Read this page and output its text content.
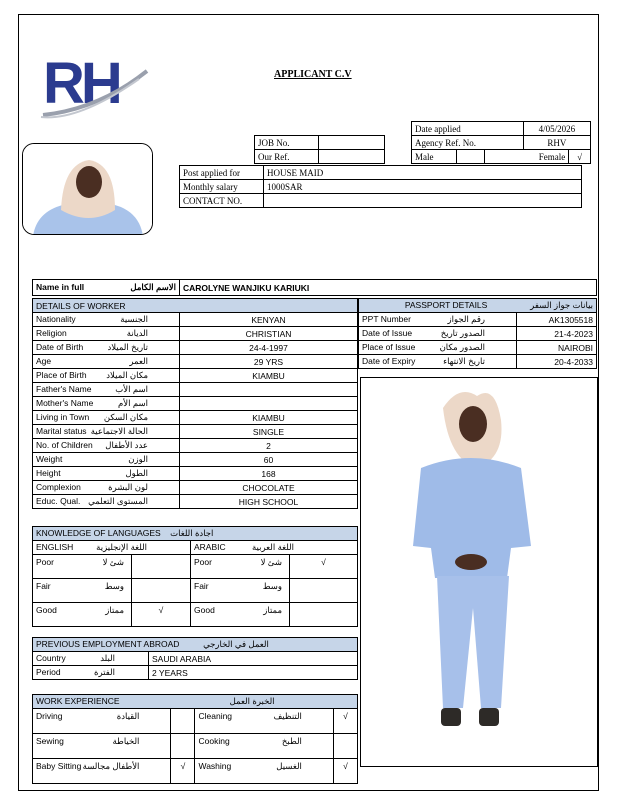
RH	APPLICANT C.V
Date applied			4/05/2026	
Agency Ref. No.			RHV	
Male		Female		√
JOB No.	
Our Ref.	
Post applied for	HOUSE MAID
Monthly salary	1000SAR
CONTACT NO.	
Name in full	الاسم الكامل	CAROLYNE WANJIKU KARIUKI
DETAILS OF WORKER	
Nationality الجنسية	KENYAN
Religion الديانة	CHRISTIAN
Date of Birth تاريخ الميلاد	24-4-1997
Age العمر	29 YRS
Place of Birth مكان الميلاد	KIAMBU
Father's Name اسم الأب	

Mother's Name اسم الأم	

Living in Town مكان السكن	KIAMBU
Marital status الحالة الاجتماعية	SINGLE
No. of Children عدد الأطفال	2
Weight الوزن	60
Height الطول	168
Complexion لون البشرة	CHOCOLATE
Educ. Qual. المستوى التعلمي	HIGH SCHOOL
PASSPORT DETAILS بيانات جواز السفر	

PPT Number رقم الجواز	AK1305518
Date of Issue الصدور تاريخ	21-4-2023
Place of Issue الصدور مكان	NAIROBI
Date of Expiry تاريخ الانتهاء	20-4-2033
KNOWLEDGE OF LANGUAGES اجادة اللغات			
ENGLISH اللغة الإنجليزية		ARABIC اللغة العربية	

Poor شئ لا		Poor شئ لا	√
Fair وسط		Fair وسط	

Good ممتاز	√	Good ممتاز	

PREVIOUS EMPLOYMENT ABROAD العمل في الخارجي	
Country البلد	SAUDI ARABIA
Period الفترة	2 YEARS
WORK EXPERIENCE الخبرة العمل			
Driving القيادة		Cleaning التنظيف	√
Sewing الخياطة		Cooking الطبخ	

Baby Sitting الأطفال مجالسة	√	Washing الغسيل	√
